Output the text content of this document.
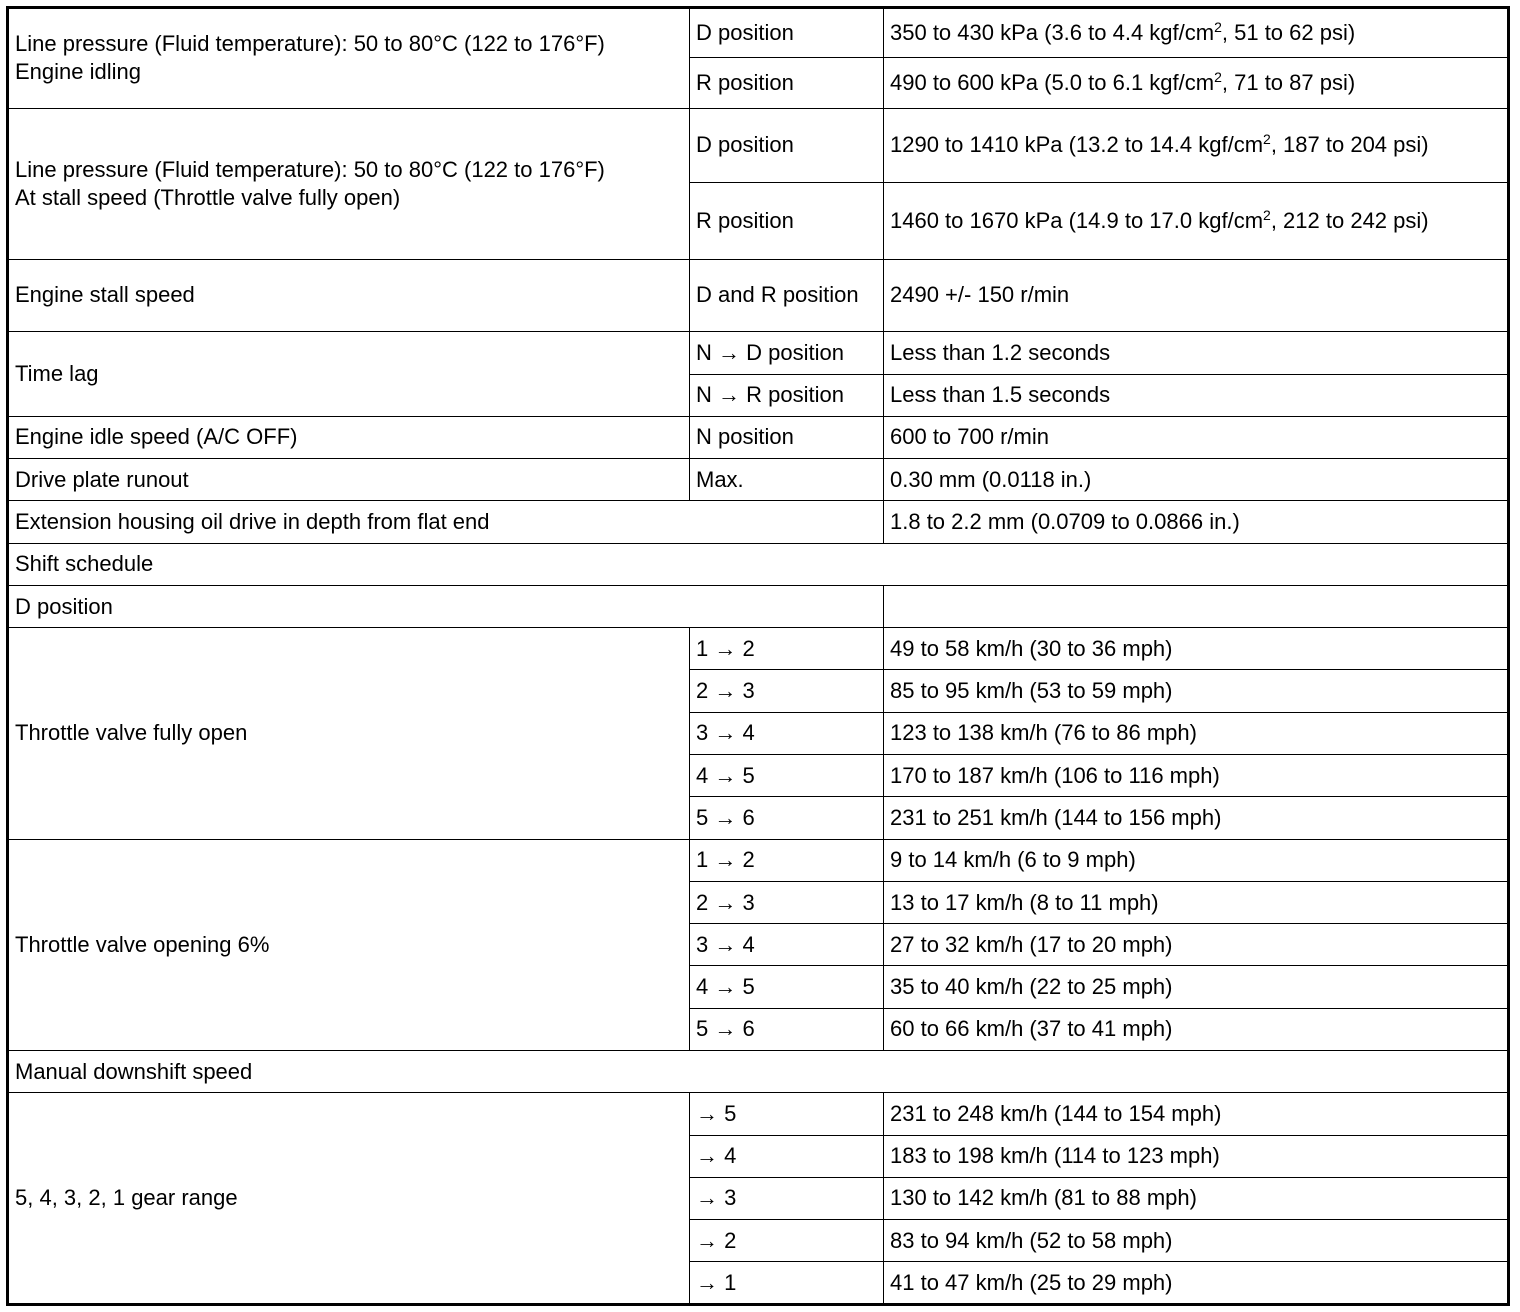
Line pressure (Fluid temperature): 50 to 80°C (122 to 176°F)
Engine idling	D position	350 to 430 kPa (3.6 to 4.4 kgf/$cm^2$, 51 to 62 psi)
	R position	490 to 600 kPa (5.0 to 6.1 kgf/$cm^2$, 71 to 87 psi)

Line pressure (Fluid temperature): 50 to 80°C (122 to 176°F)
At stall speed (Throttle valve fully open)	D position	1290 to 1410 kPa (13.2 to 14.4 kgf/$cm^2$, 187 to 204 psi)
	R position	1460 to 1670 kPa (14.9 to 17.0 kgf/$cm^2$, 212 to 242 psi)
Engine stall speed	D and R position	2490 +/- 150 r/min
Time lag	N → D position	Less than 1.2 seconds
	N → R position	Less than 1.5 seconds
Engine idle speed (A/C OFF)	N position	600 to 700 r/min
Drive plate runout	Max.	0.30 mm (0.0118 in.)
Extension housing oil drive in depth from flat end		1.8 to 2.2 mm (0.0709 to 0.0866 in.)
Shift schedule		
D position		
Throttle valve fully open	1 → 2	49 to 58 km/h (30 to 36 mph)
	2 → 3	85 to 95 km/h (53 to 59 mph)
	3 → 4	123 to 138 km/h (76 to 86 mph)
	4 → 5	170 to 187 km/h (106 to 116 mph)
	5 → 6	231 to 251 km/h (144 to 156 mph)
Throttle valve opening 6%	1 → 2	9 to 14 km/h (6 to 9 mph)
	2 → 3	13 to 17 km/h (8 to 11 mph)
	3 → 4	27 to 32 km/h (17 to 20 mph)
	4 → 5	35 to 40 km/h (22 to 25 mph)
	5 → 6	60 to 66 km/h (37 to 41 mph)
Manual downshift speed		
5, 4, 3, 2, 1 gear range	→ 5	231 to 248 km/h (144 to 154 mph)
	→ 4	183 to 198 km/h (114 to 123 mph)
	→ 3	130 to 142 km/h (81 to 88 mph)
	→ 2	83 to 94 km/h (52 to 58 mph)
	→ 1	41 to 47 km/h (25 to 29 mph)
